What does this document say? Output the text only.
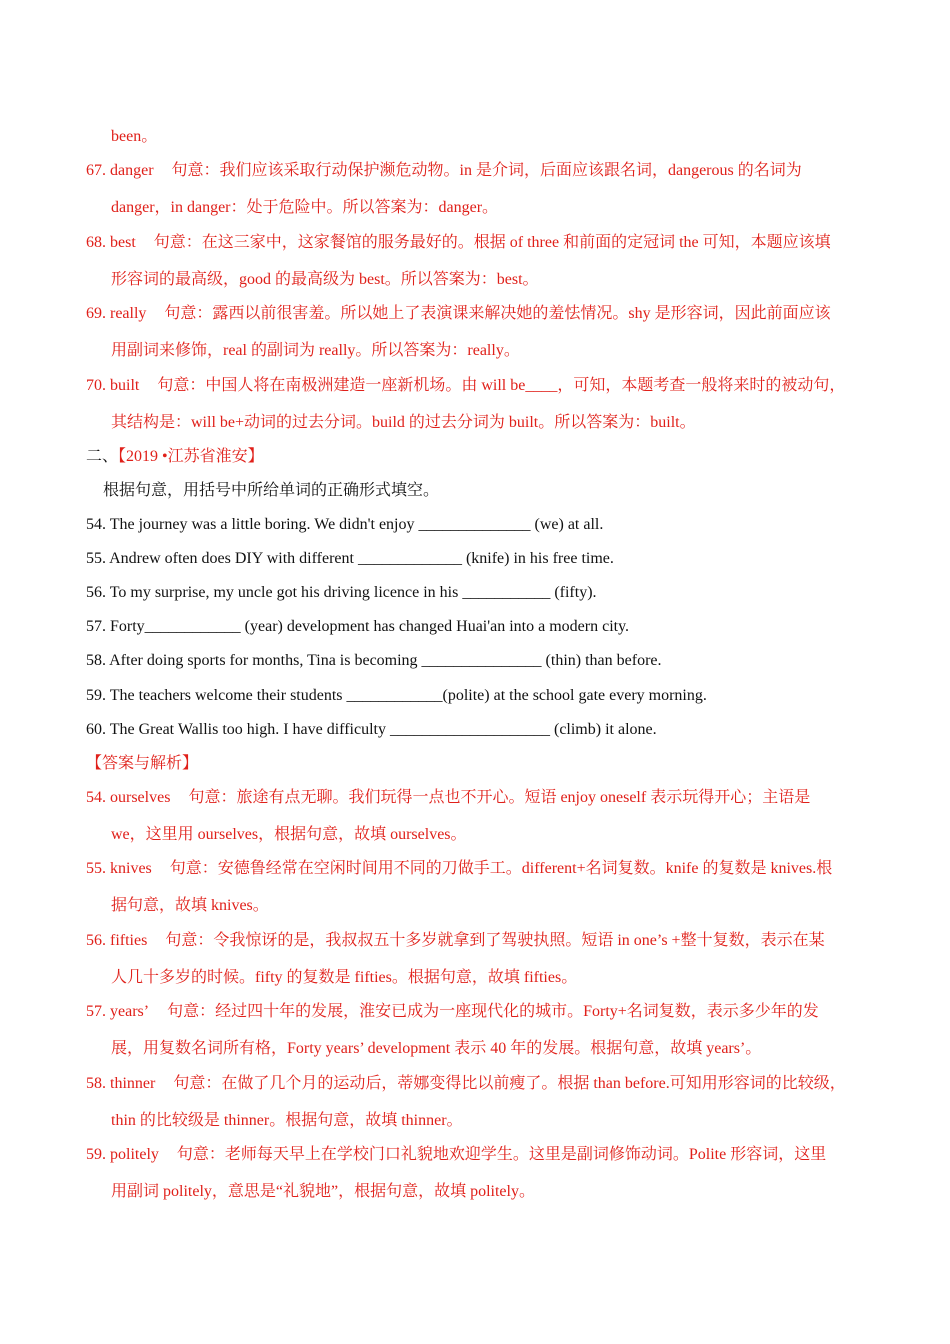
been。
67. danger 句意：我们应该采取行动保护濒危动物。in 是介词，后面应该跟名词，dangerous 的名词为
danger，in danger：处于危险中。所以答案为：danger。
68. best 句意：在这三家中，这家餐馆的服务最好的。根据 of three 和前面的定冠词 the 可知，本题应该填
形容词的最高级，good 的最高级为 best。所以答案为：best。
69. really 句意：露西以前很害羞。所以她上了表演课来解决她的羞怯情况。shy 是形容词，因此前面应该
用副词来修饰，real 的副词为 really。所以答案为：really。
70. built 句意：中国人将在南极洲建造一座新机场。由 will be____，可知，本题考查一般将来时的被动句，
其结构是：will be+动词的过去分词。build 的过去分词为 built。所以答案为：built。
二、【2019 •江苏省淮安】
根据句意，用括号中所给单词的正确形式填空。
54. The journey was a little boring. We didn't enjoy ______________ (we) at all.
55. Andrew often does DIY with different _____________ (knife) in his free time.
56. To my surprise, my uncle got his driving licence in his ___________ (fifty).
57. Forty____________ (year) development has changed Huai'an into a modern city.
58. After doing sports for months, Tina is becoming _______________ (thin) than before.
59. The teachers welcome their students ____________(polite) at the school gate every morning.
60. The Great Wallis too high. I have difficulty ____________________ (climb) it alone.
【答案与解析】
54. ourselves 句意：旅途有点无聊。我们玩得一点也不开心。短语 enjoy oneself 表示玩得开心；主语是
we，这里用 ourselves，根据句意，故填 ourselves。
55. knives 句意：安德鲁经常在空闲时间用不同的刀做手工。different+名词复数。knife 的复数是 knives.根
据句意，故填 knives。
56. fifties 句意：令我惊讶的是，我叔叔五十多岁就拿到了驾驶执照。短语 in one’s +整十复数，表示在某
人几十多岁的时候。fifty 的复数是 fifties。根据句意，故填 fifties。
57. years’ 句意：经过四十年的发展，淮安已成为一座现代化的城市。Forty+名词复数，表示多少年的发
展，用复数名词所有格，Forty years’ development 表示 40 年的发展。根据句意，故填 years’。
58. thinner 句意：在做了几个月的运动后，蒂娜变得比以前瘦了。根据 than before.可知用形容词的比较级，
thin 的比较级是 thinner。根据句意，故填 thinner。
59. politely 句意：老师每天早上在学校门口礼貌地欢迎学生。这里是副词修饰动词。Polite 形容词，这里
用副词 politely，意思是“礼貌地”，根据句意，故填 politely。
